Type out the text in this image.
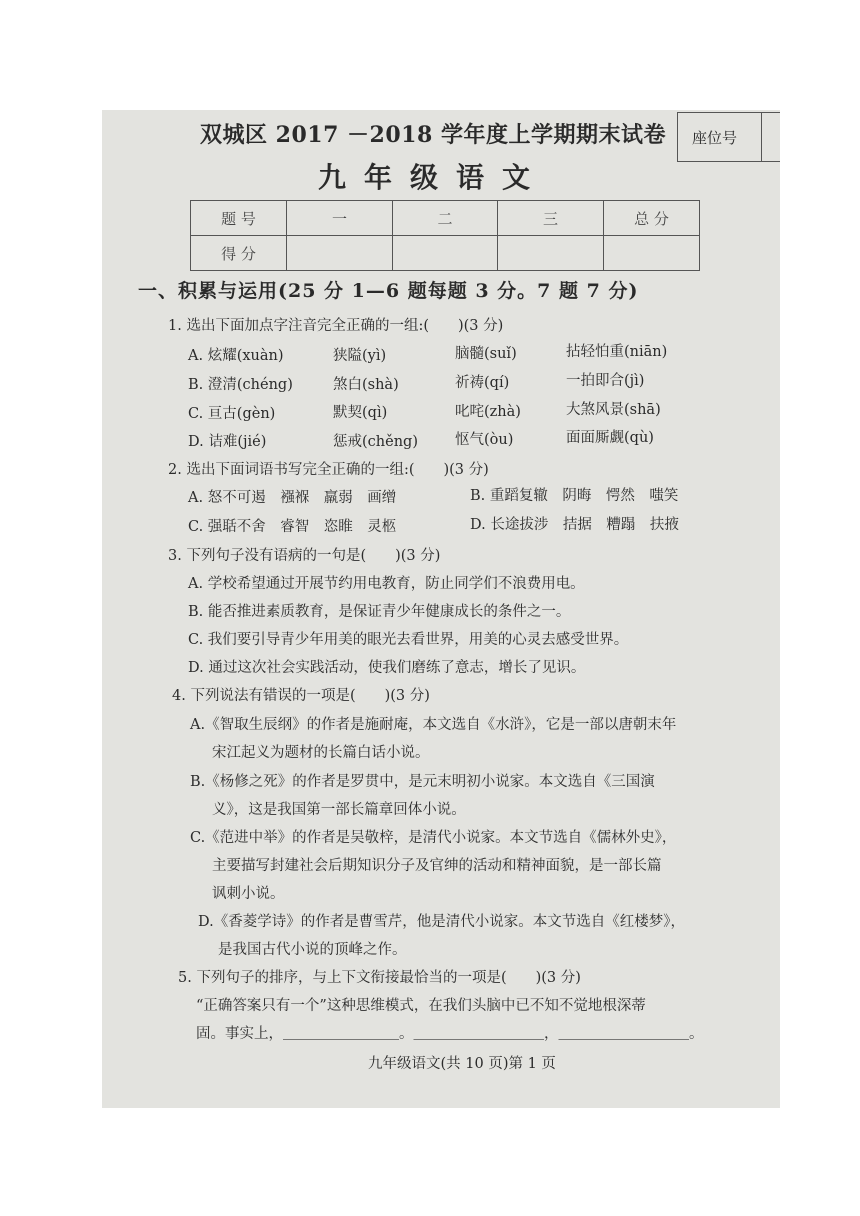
座位号
双城区 2017 －2018 学年度上学期期末试卷
九年级语文
题 号	一	二	三	总 分
得 分				
一、积累与运用(25 分 1—6 题每题 3 分。7 题 7 分)
1. 选出下面加点字注音完全正确的一组:(　　)(3 分)
A. 炫耀(xuàn)	狭隘(yì)	脑髓(suǐ)	拈轻怕重(niān)
B. 澄清(chéng)	煞白(shà)	祈祷(qí)	一拍即合(jì)
C. 亘古(gèn)	默契(qì)	叱咤(zhà)	大煞风景(shā)
D. 诘难(jié)	惩戒(chěng)	怄气(òu)	面面厮觑(qù)
2. 选出下面词语书写完全正确的一组:(　　)(3 分)
A. 怒不可遏　襁褓　羸弱　画缯	B. 重蹈复辙　阴晦　愕然　嗤笑
C. 强聒不舍　睿智　恣睢　灵柩	D. 长途拔涉　拮据　糟蹋　扶掖
3. 下列句子没有语病的一句是(　　)(3 分)
A. 学校希望通过开展节约用电教育，防止同学们不浪费用电。
B. 能否推进素质教育，是保证青少年健康成长的条件之一。
C. 我们要引导青少年用美的眼光去看世界，用美的心灵去感受世界。
D. 通过这次社会实践活动，使我们磨练了意志，增长了见识。
4. 下列说法有错误的一项是(　　)(3 分)
A.《智取生辰纲》的作者是施耐庵，本文选自《水浒》，它是一部以唐朝末年
宋江起义为题材的长篇白话小说。
B.《杨修之死》的作者是罗贯中，是元末明初小说家。本文选自《三国演
义》，这是我国第一部长篇章回体小说。
C.《范进中举》的作者是吴敬梓，是清代小说家。本文节选自《儒林外史》，
主要描写封建社会后期知识分子及官绅的活动和精神面貌，是一部长篇
讽刺小说。
D.《香菱学诗》的作者是曹雪芹，他是清代小说家。本文节选自《红楼梦》，
是我国古代小说的顶峰之作。
5. 下列句子的排序，与上下文衔接最恰当的一项是(　　)(3 分)
“正确答案只有一个”这种思维模式，在我们头脑中已不知不觉地根深蒂
固。事实上，＿＿＿＿＿＿＿＿。＿＿＿＿＿＿＿＿＿，＿＿＿＿＿＿＿＿＿。
九年级语文(共 10 页)第 1 页
